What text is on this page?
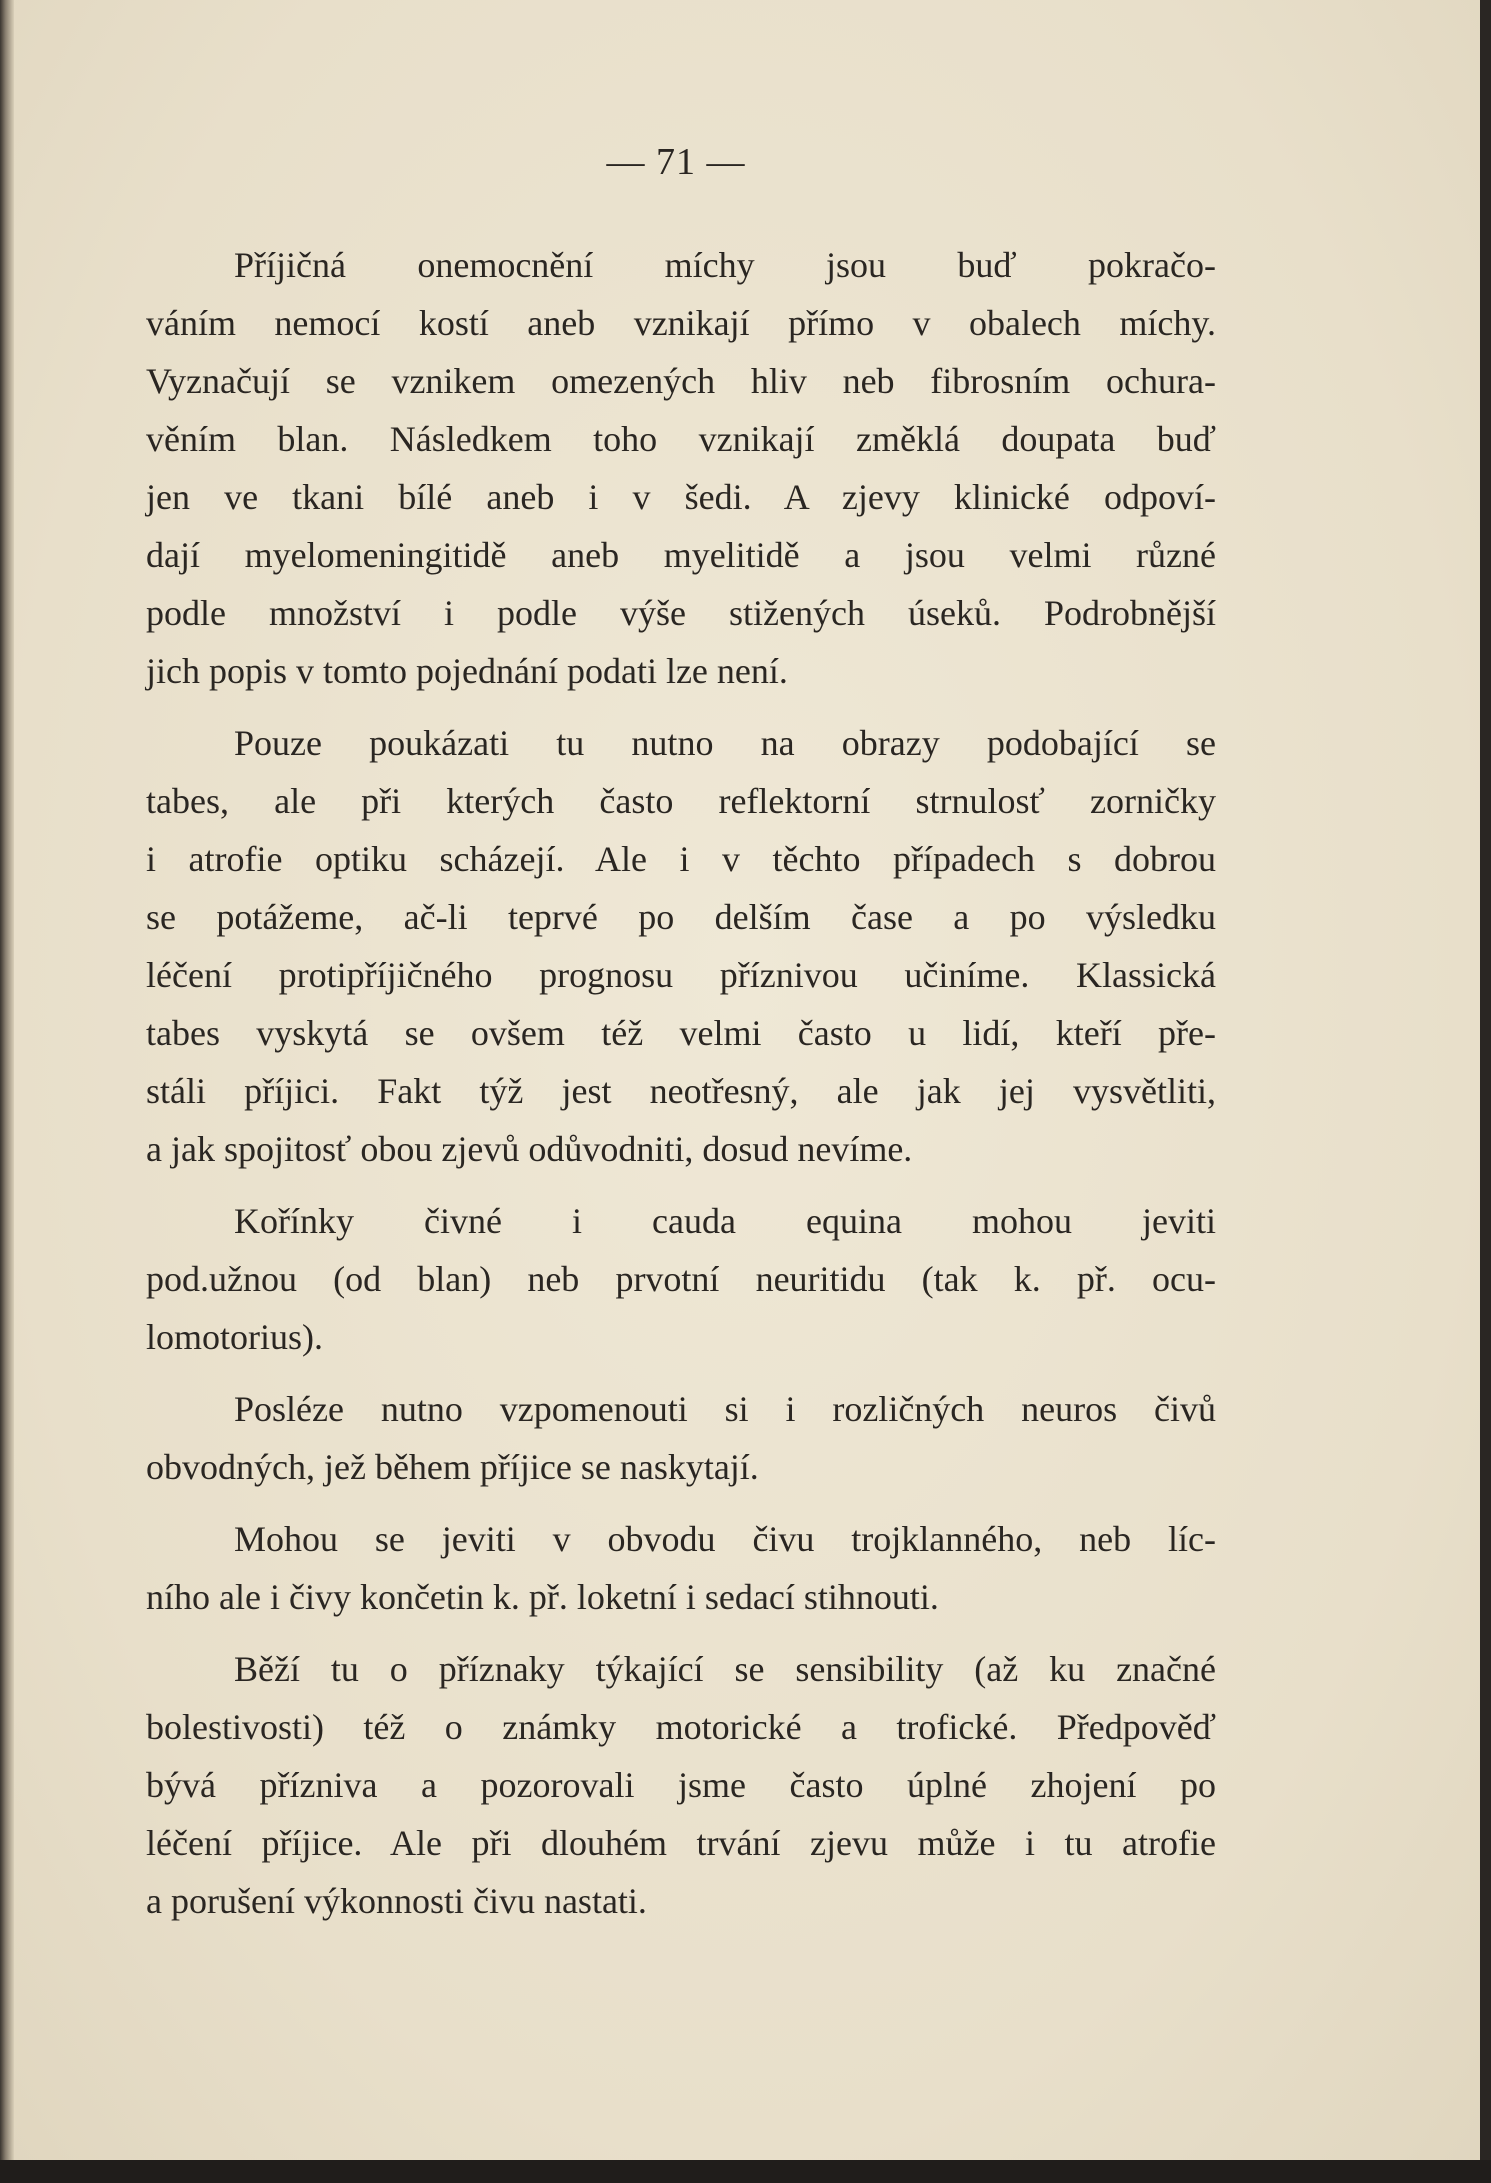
— 71 —
Příjičná onemocnění míchy jsou buď pokračo-
váním nemocí kostí aneb vznikají přímo v obalech míchy.
Vyznačují se vznikem omezených hliv neb fibrosním ochura-
věním blan. Následkem toho vznikají změklá doupata buď
jen ve tkani bílé aneb i v šedi. A zjevy klinické odpoví-
dají myelomeningitidě aneb myelitidě a jsou velmi různé
podle množství i podle výše stižených úseků. Podrobnější
jich popis v tomto pojednání podati lze není.
Pouze poukázati tu nutno na obrazy podobající se
tabes, ale při kterých často reflektorní strnulosť zorničky
i atrofie optiku scházejí. Ale i v těchto případech s dobrou
se potážeme, ač-li teprvé po delším čase a po výsledku
léčení protipříjičného prognosu příznivou učiníme. Klassická
tabes vyskytá se ovšem též velmi často u lidí, kteří pře-
stáli příjici. Fakt týž jest neotřesný, ale jak jej vysvětliti,
a jak spojitosť obou zjevů odůvodniti, dosud nevíme.
Kořínky čivné i cauda equina mohou jeviti
pod.užnou (od blan) neb prvotní neuritidu (tak k. př. ocu-
lomotorius).
Posléze nutno vzpomenouti si i rozličných neuros čivů
obvodných, jež během příjice se naskytají.
Mohou se jeviti v obvodu čivu trojklanného, neb líc-
ního ale i čivy končetin k. př. loketní i sedací stihnouti.
Běží tu o příznaky týkající se sensibility (až ku značné
bolestivosti) též o známky motorické a trofické. Předpověď
bývá přízniva a pozorovali jsme často úplné zhojení po
léčení příjice. Ale při dlouhém trvání zjevu může i tu atrofie
a porušení výkonnosti čivu nastati.
